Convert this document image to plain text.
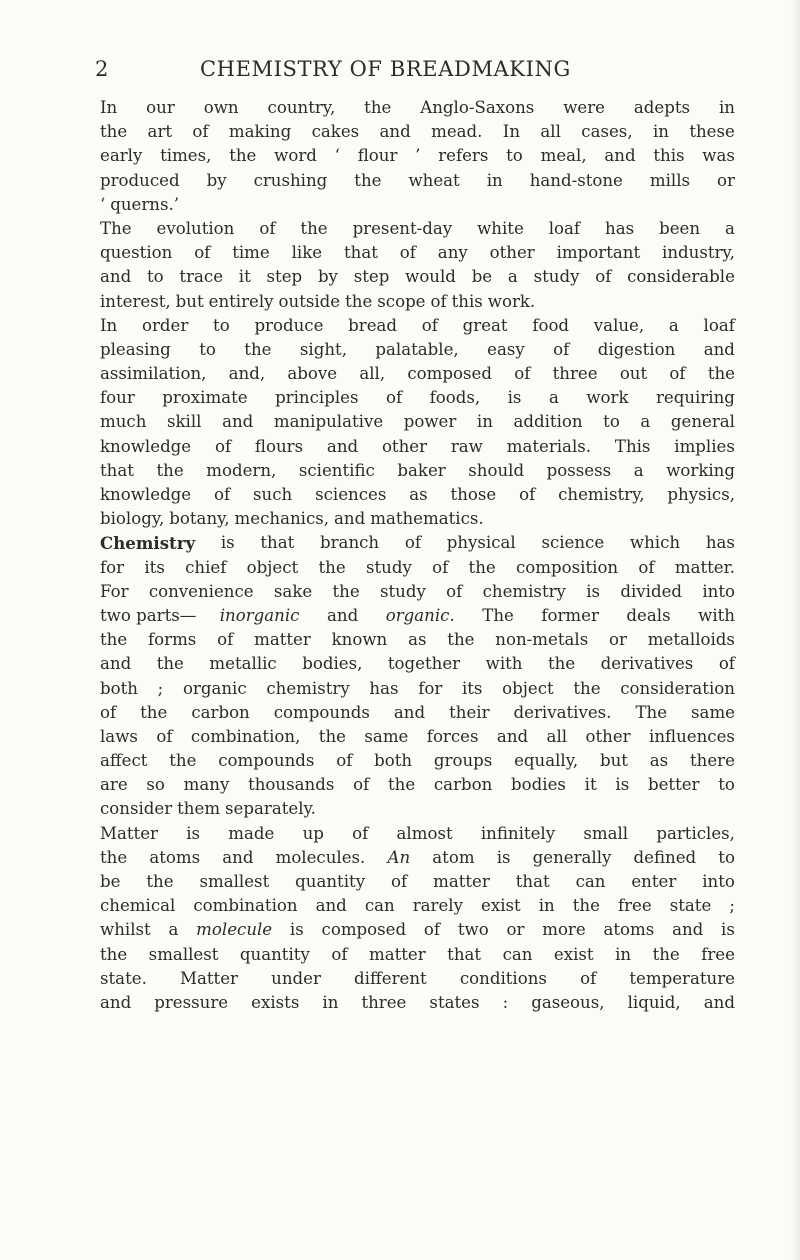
2	CHEMISTRY OF BREADMAKING
In our own country, the Anglo-Saxons were adepts in
the art of making cakes and mead. In all cases, in these
early times, the word ‘ flour ’ refers to meal, and this was
produced by crushing the wheat in hand-stone mills or
‘ querns.’
The evolution of the present-day white loaf has been a
question of time like that of any other important industry,
and to trace it step by step would be a study of considerable
interest, but entirely outside the scope of this work.
In order to produce bread of great food value, a loaf
pleasing to the sight, palatable, easy of digestion and
assimilation, and, above all, composed of three out of the
four proximate principles of foods, is a work requiring
much skill and manipulative power in addition to a general
knowledge of flours and other raw materials. This implies
that the modern, scientific baker should possess a working
knowledge of such sciences as those of chemistry, physics,
biology, botany, mechanics, and mathematics.
Chemistry is that branch of physical science which has
for its chief object the study of the composition of matter.
For convenience sake the study of chemistry is divided into
two parts— inorganic and organic. The former deals with
the forms of matter known as the non-metals or metalloids
and the metallic bodies, together with the derivatives of
both ; organic chemistry has for its object the consideration
of the carbon compounds and their derivatives. The same
laws of combination, the same forces and all other influences
affect the compounds of both groups equally, but as there
are so many thousands of the carbon bodies it is better to
consider them separately.
Matter is made up of almost infinitely small particles,
the atoms and molecules. An atom is generally defined to
be the smallest quantity of matter that can enter into
chemical combination and can rarely exist in the free state ;
whilst a molecule is composed of two or more atoms and is
the smallest quantity of matter that can exist in the free
state. Matter under different conditions of temperature
and pressure exists in three states : gaseous, liquid, and
